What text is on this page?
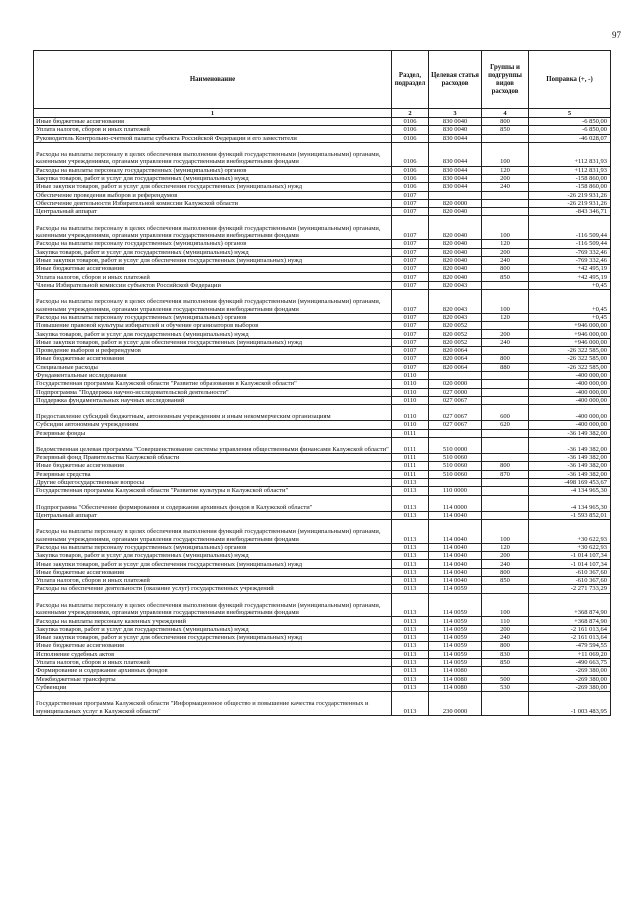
97
Наименование	Раздел, подраздел	Целевая статья расходов	Группы и подгруппы видов расходов	Поправка (+, -)
1	2	3	4	5
Иные бюджетные ассигнования	0106	830 0040	800	-6 850,00
Уплата налогов, сборов и иных платежей	0106	830 0040	850	-6 850,00
Руководитель Контрольно-счетной палаты субъекта Российской Федерации и его заместители	0106	830 0044		-46 028,07
Расходы на выплаты персоналу в целях обеспечения выполнения функций государственными (муниципальными) органами, казенными учреждениями, органами управления государственными внебюджетными фондами	0106	830 0044	100	+112 831,93
Расходы на выплаты персоналу государственных (муниципальных) органов	0106	830 0044	120	+112 831,93
Закупка товаров, работ и услуг для государственных (муниципальных) нужд	0106	830 0044	200	-158 860,00
Иные закупки товаров, работ и услуг для обеспечения государственных (муниципальных) нужд	0106	830 0044	240	-158 860,00
Обеспечение проведения выборов и референдумов	0107			-26 219 931,26
Обеспечение деятельности Избирательной комиссии Калужской области	0107	820 0000		-26 219 931,26
Центральный аппарат	0107	820 0040		-843 346,71
Расходы на выплаты персоналу в целях обеспечения выполнения функций государственными (муниципальными) органами, казенными учреждениями, органами управления государственными внебюджетными фондами	0107	820 0040	100	-116 509,44
Расходы на выплаты персоналу государственных (муниципальных) органов	0107	820 0040	120	-116 509,44
Закупка товаров, работ и услуг для государственных (муниципальных) нужд	0107	820 0040	200	-769 332,46
Иные закупки товаров, работ и услуг для обеспечения государственных (муниципальных) нужд	0107	820 0040	240	-769 332,46
Иные бюджетные ассигнования	0107	820 0040	800	+42 495,19
Уплата налогов, сборов и иных платежей	0107	820 0040	850	+42 495,19
Члены Избирательной комиссии субъектов Российской Федерации	0107	820 0043		+0,45
Расходы на выплаты персоналу в целях обеспечения выполнения функций государственными (муниципальными) органами, казенными учреждениями, органами управления государственными внебюджетными фондами	0107	820 0043	100	+0,45
Расходы на выплаты персоналу государственных (муниципальных) органов	0107	820 0043	120	+0,45
Повышение правовой культуры избирателей и обучение организаторов выборов	0107	820 0052		+946 000,00
Закупка товаров, работ и услуг для государственных (муниципальных) нужд	0107	820 0052	200	+946 000,00
Иные закупки товаров, работ и услуг для обеспечения государственных (муниципальных) нужд	0107	820 0052	240	+946 000,00
Проведение выборов и референдумов	0107	820 0064		-26 322 585,00
Иные бюджетные ассигнования	0107	820 0064	800	-26 322 585,00
Специальные расходы	0107	820 0064	880	-26 322 585,00
Фундаментальные исследования	0110			-400 000,00
Государственная программа Калужской области "Развитие образования в Калужской области"	0110	020 0000		-400 000,00
Подпрограмма "Поддержка научно-исследовательской деятельности"	0110	027 0000		-400 000,00
Поддержка фундаментальных научных исследований	0110	027 0067		-400 000,00
Предоставление субсидий бюджетным, автономным учреждениям и иным некоммерческим организациям	0110	027 0067	600	-400 000,00
Субсидии автономным учреждениям	0110	027 0067	620	-400 000,00
Резервные фонды	0111			-36 149 382,00
Ведомственная целевая программа "Совершенствование системы управления общественными финансами Калужской области"	0111	510 0000		-36 149 382,00
Резервный фонд Правительства Калужской области	0111	510 0060		-36 149 382,00
Иные бюджетные ассигнования	0111	510 0060	800	-36 149 382,00
Резервные средства	0111	510 0060	870	-36 149 382,00
Другие общегосударственные вопросы	0113			-498 169 453,67
Государственная программа Калужской области "Развитие культуры в Калужской области"	0113	110 0000		-4 134 965,30
Подпрограмма "Обеспечение формирования и содержания архивных фондов в Калужской области"	0113	114 0000		-4 134 965,30
Центральный аппарат	0113	114 0040		-1 593 852,01
Расходы на выплаты персоналу в целях обеспечения выполнения функций государственными (муниципальными) органами, казенными учреждениями, органами управления государственными внебюджетными фондами	0113	114 0040	100	+30 622,93
Расходы на выплаты персоналу государственных (муниципальных) органов	0113	114 0040	120	+30 622,93
Закупка товаров, работ и услуг для государственных (муниципальных) нужд	0113	114 0040	200	-1 014 107,34
Иные закупки товаров, работ и услуг для обеспечения государственных (муниципальных) нужд	0113	114 0040	240	-1 014 107,34
Иные бюджетные ассигнования	0113	114 0040	800	-610 367,60
Уплата налогов, сборов и иных платежей	0113	114 0040	850	-610 367,60
Расходы на обеспечение деятельности (оказание услуг) государственных учреждений	0113	114 0059		-2 271 733,29
Расходы на выплаты персоналу в целях обеспечения выполнения функций государственными (муниципальными) органами, казенными учреждениями, органами управления государственными внебюджетными фондами	0113	114 0059	100	+368 874,90
Расходы на выплаты персоналу казенных учреждений	0113	114 0059	110	+368 874,90
Закупка товаров, работ и услуг для государственных (муниципальных) нужд	0113	114 0059	200	-2 161 013,64
Иные закупки товаров, работ и услуг для обеспечения государственных (муниципальных) нужд	0113	114 0059	240	-2 161 013,64
Иные бюджетные ассигнования	0113	114 0059	800	-479 594,55
Исполнение судебных актов	0113	114 0059	830	+11 069,20
Уплата налогов, сборов и иных платежей	0113	114 0059	850	-490 663,75
Формирование и содержание архивных фондов	0113	114 0080		-269 380,00
Межбюджетные трансферты	0113	114 0080	500	-269 380,00
Субвенции	0113	114 0080	530	-269 380,00
Государственная программа Калужской области "Информационное общество и повышение качества государственных и муниципальных услуг в Калужской области"	0113	230 0000		-1 003 483,95
